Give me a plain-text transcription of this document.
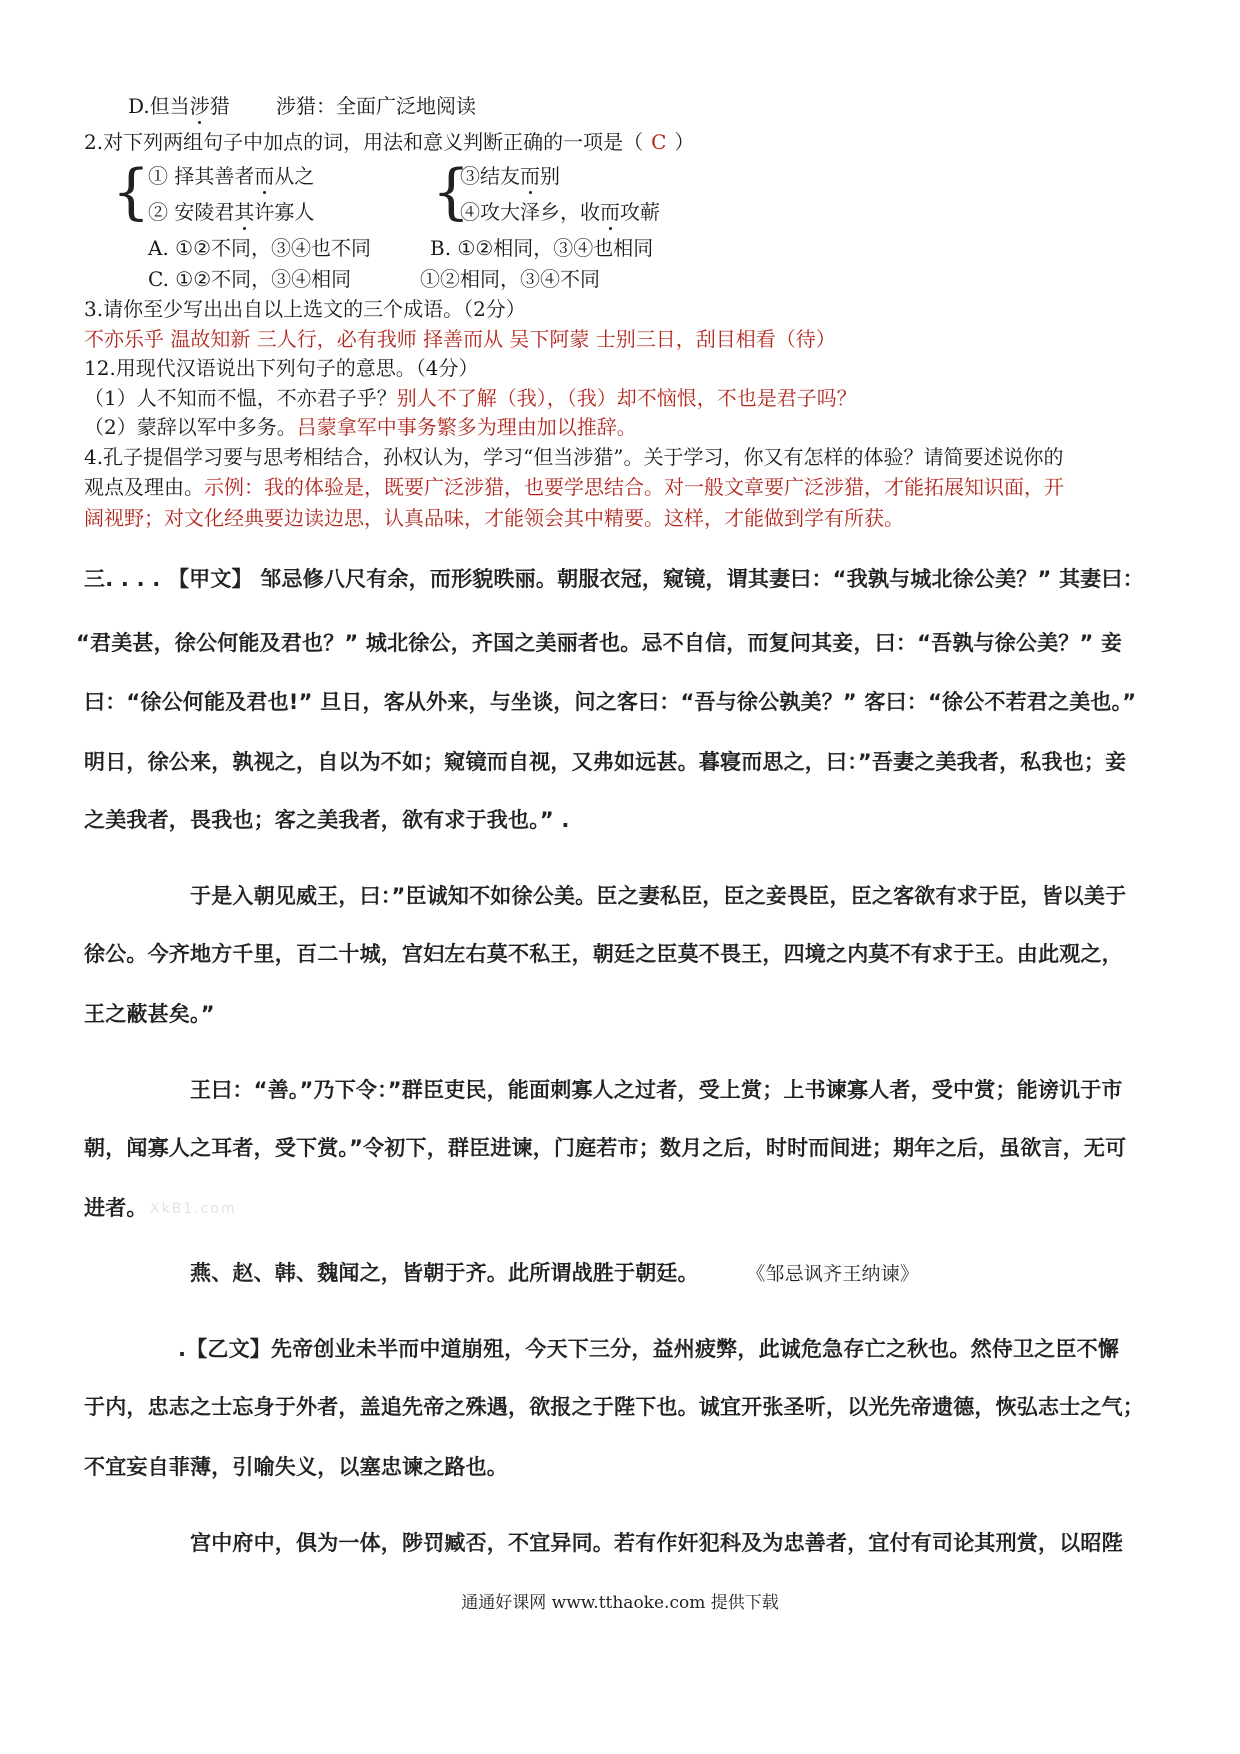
D.但当涉猎 涉猎：全面广泛地阅读
2.对下列两组句子中加点的词，用法和意义判断正确的一项是（ C ）
{	{
① 择其善者而从之	③结友而别
② 安陵君其许寡人	④攻大泽乡，收而攻蕲
A. ①②不同，③④也不同	B. ①②相同，③④也相同
C. ①②不同，③④相同	①②相同，③④不同
3.请你至少写出出自以上选文的三个成语。（2分）
不亦乐乎 温故知新 三人行，必有我师 择善而从 吴下阿蒙 士别三日，刮目相看（待）
12.用现代汉语说出下列句子的意思。（4分）
（1）人不知而不愠，不亦君子乎？别人不了解（我），（我）却不恼恨，不也是君子吗？
（2）蒙辞以军中多务。吕蒙拿军中事务繁多为理由加以推辞。
4.孔子提倡学习要与思考相结合，孙权认为，学习“但当涉猎”。关于学习，你又有怎样的体验？请简要述说你的
观点及理由。示例：我的体验是，既要广泛涉猎，也要学思结合。对一般文章要广泛涉猎，才能拓展知识面，开
阔视野；对文化经典要边读边思，认真品味，才能领会其中精要。这样，才能做到学有所获。
三. . . . 【甲文】 邹忌修八尺有余，而形貌昳丽。朝服衣冠，窥镜，谓其妻曰：“我孰与城北徐公美？” 其妻曰：
“君美甚，徐公何能及君也？” 城北徐公，齐国之美丽者也。忌不自信，而复问其妾，曰：“吾孰与徐公美？” 妾
曰：“徐公何能及君也!” 旦日，客从外来，与坐谈，问之客曰：“吾与徐公孰美？” 客曰：“徐公不若君之美也。”
明日，徐公来，孰视之，自以为不如；窥镜而自视，又弗如远甚。暮寝而思之，曰：”吾妻之美我者，私我也；妾
之美我者，畏我也；客之美我者，欲有求于我也。” .
于是入朝见威王，曰：”臣诚知不如徐公美。臣之妻私臣，臣之妾畏臣，臣之客欲有求于臣，皆以美于
徐公。今齐地方千里，百二十城，宫妇左右莫不私王，朝廷之臣莫不畏王，四境之内莫不有求于王。由此观之，
王之蔽甚矣。”
王曰：“善。”乃下令：”群臣吏民，能面刺寡人之过者，受上赏；上书谏寡人者，受中赏；能谤讥于市
朝，闻寡人之耳者，受下赏。”令初下，群臣进谏，门庭若市；数月之后，时时而间进；期年之后，虽欲言，无可
进者。 XkB1.com
燕、赵、韩、魏闻之，皆朝于齐。此所谓战胜于朝廷。	《邹忌讽齐王纳谏》
.【乙文】先帝创业未半而中道崩殂，今天下三分，益州疲弊，此诚危急存亡之秋也。然侍卫之臣不懈
于内，忠志之士忘身于外者，盖追先帝之殊遇，欲报之于陛下也。诚宜开张圣听，以光先帝遗德，恢弘志士之气；
不宜妄自菲薄，引喻失义，以塞忠谏之路也。
宫中府中，俱为一体，陟罚臧否，不宜异同。若有作奸犯科及为忠善者，宜付有司论其刑赏，以昭陛
通通好课网 www.tthaoke.com 提供下载
